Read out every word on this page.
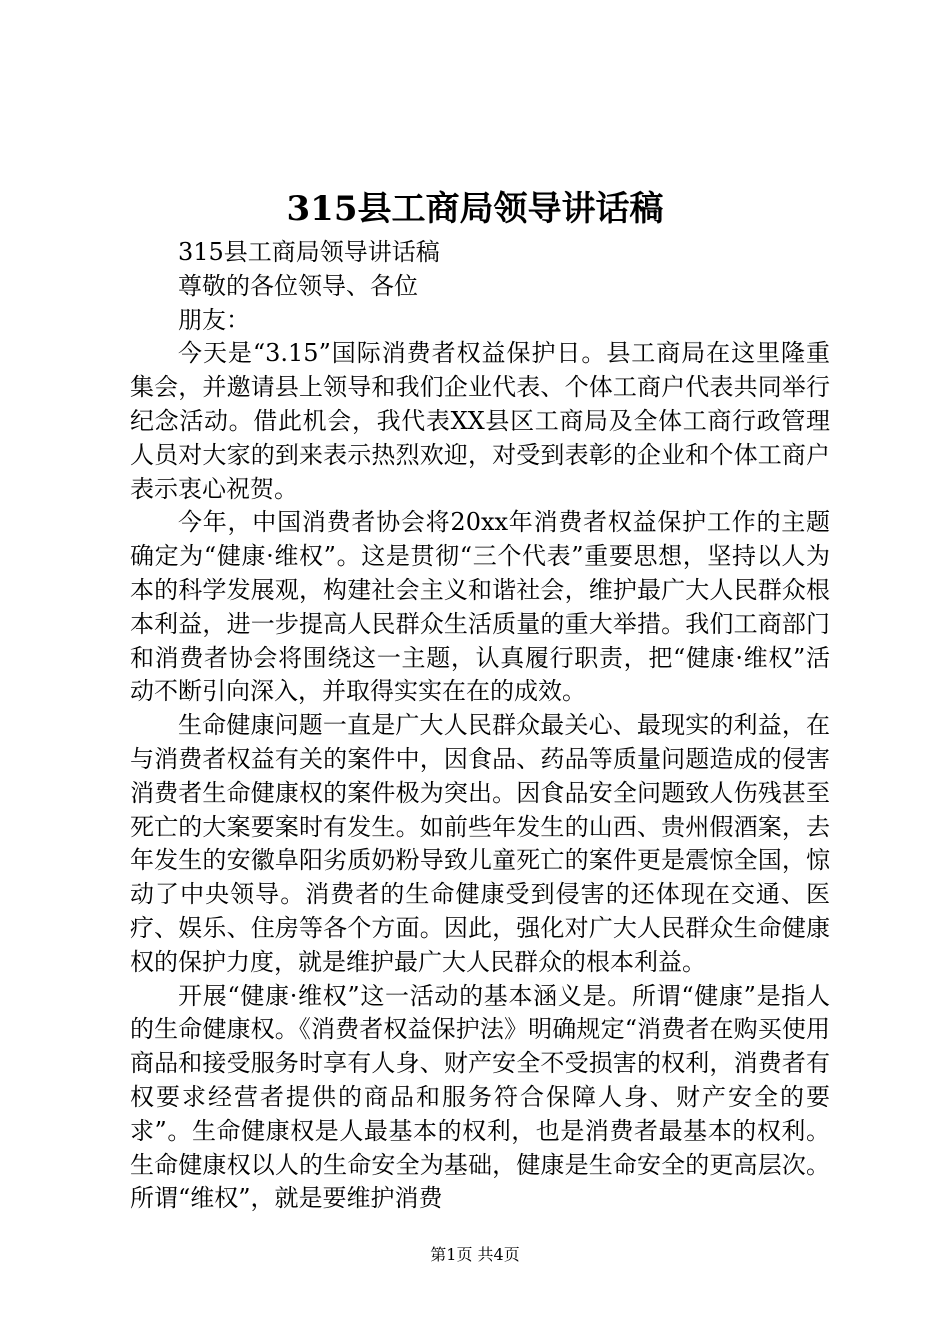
315县工商局领导讲话稿

315县工商局领导讲话稿

尊敬的各位领导、各位

朋友：

今天是“3.15”国际消费者权益保护日。县工商局在这里隆重集会，并邀请县上领导和我们企业代表、个体工商户代表共同举行纪念活动。借此机会，我代表XX县区工商局及全体工商行政管理人员对大家的到来表示热烈欢迎，对受到表彰的企业和个体工商户表示衷心祝贺。

今年，中国消费者协会将20xx年消费者权益保护工作的主题确定为“健康·维权”。这是贯彻“三个代表”重要思想，坚持以人为本的科学发展观，构建社会主义和谐社会，维护最广大人民群众根本利益，进一步提高人民群众生活质量的重大举措。我们工商部门和消费者协会将围绕这一主题，认真履行职责，把“健康·维权”活动不断引向深入，并取得实实在在的成效。

生命健康问题一直是广大人民群众最关心、最现实的利益，在与消费者权益有关的案件中，因食品、药品等质量问题造成的侵害消费者生命健康权的案件极为突出。因食品安全问题致人伤残甚至死亡的大案要案时有发生。如前些年发生的山西、贵州假酒案，去年发生的安徽阜阳劣质奶粉导致儿童死亡的案件更是震惊全国，惊动了中央领导。消费者的生命健康受到侵害的还体现在交通、医疗、娱乐、住房等各个方面。因此，强化对广大人民群众生命健康权的保护力度，就是维护最广大人民群众的根本利益。

开展“健康·维权”这一活动的基本涵义是。所谓“健康”是指人的生命健康权。《消费者权益保护法》明确规定“消费者在购买使用商品和接受服务时享有人身、财产安全不受损害的权利，消费者有权要求经营者提供的商品和服务符合保障人身、财产安全的要求”。生命健康权是人最基本的权利，也是消费者最基本的权利。生命健康权以人的生命安全为基础，健康是生命安全的更高层次。所谓“维权”，就是要维护消费

第1页 共4页
